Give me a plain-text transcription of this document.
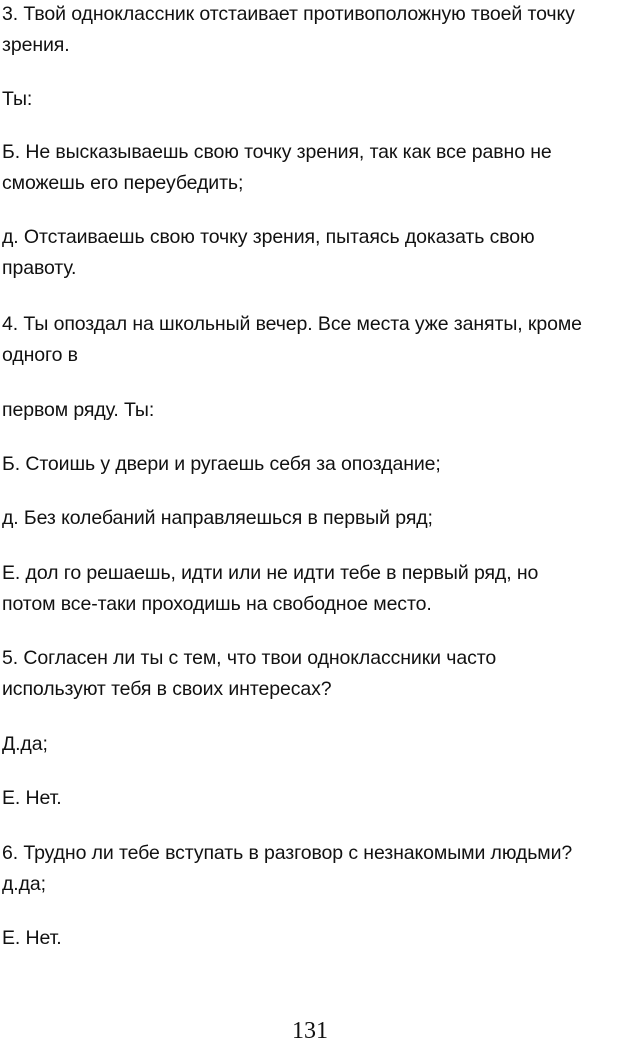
3. Твой одноклассник отстаивает противоположную твоей точку
зрения.
Ты:
Б. Не высказываешь свою точку зрения, так как все равно не
сможешь его переубедить;
д. Отстаиваешь свою точку зрения, пытаясь доказать свою
правоту.
4. Ты опоздал на школьный вечер. Все места уже заняты, кроме
одного в
первом ряду. Ты:
Б. Стоишь у двери и ругаешь себя за опоздание;
д. Без колебаний направляешься в первый ряд;
Е. дол го решаешь, идти или не идти тебе в первый ряд, но
потом все-таки проходишь на свободное место.
5. Согласен ли ты с тем, что твои одноклассники часто
используют тебя в своих интересах?
Д.да;
Е. Нет.
6. Трудно ли тебе вступать в разговор с незнакомыми людьми?
д.да;
Е. Нет.
131
